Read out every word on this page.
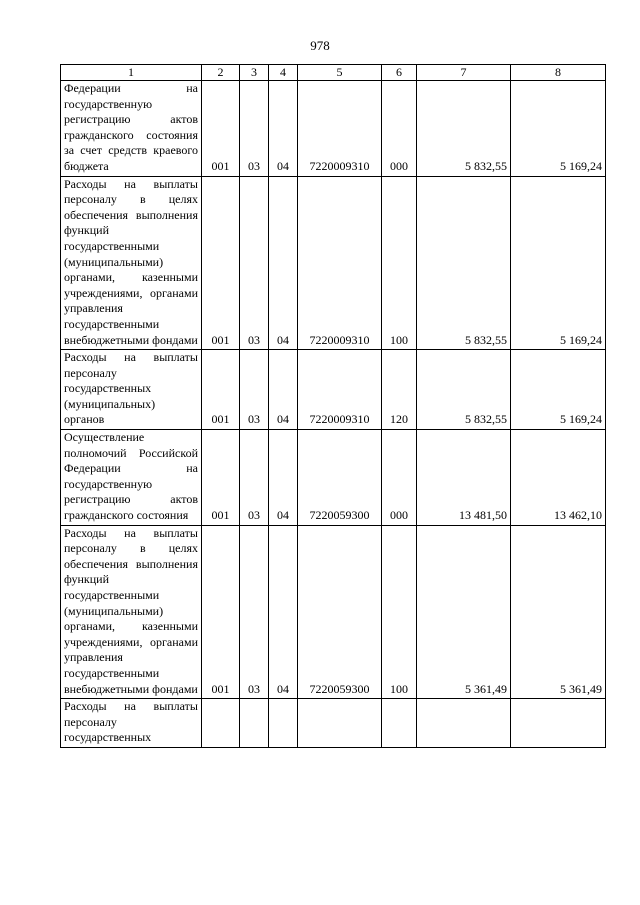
978
1	2	3	4	5	6	7	8
Федерации на государственную регистрацию актов гражданского состояния за счет средств краевого бюджета	001	03	04	7220009310	000	5 832,55	5 169,24
Расходы на выплаты персоналу в целях обеспечения выполнения функций государственными (муниципальными) органами, казенными учреждениями, органами управления государственными внебюджетными фондами	001	03	04	7220009310	100	5 832,55	5 169,24
Расходы на выплаты персоналу государственных (муниципальных) органов	001	03	04	7220009310	120	5 832,55	5 169,24
Осуществление полномочий Российской Федерации на государственную регистрацию актов гражданского состояния	001	03	04	7220059300	000	13 481,50	13 462,10
Расходы на выплаты персоналу в целях обеспечения выполнения функций государственными (муниципальными) органами, казенными учреждениями, органами управления государственными внебюджетными фондами	001	03	04	7220059300	100	5 361,49	5 361,49
Расходы на выплаты персоналу государственных							
